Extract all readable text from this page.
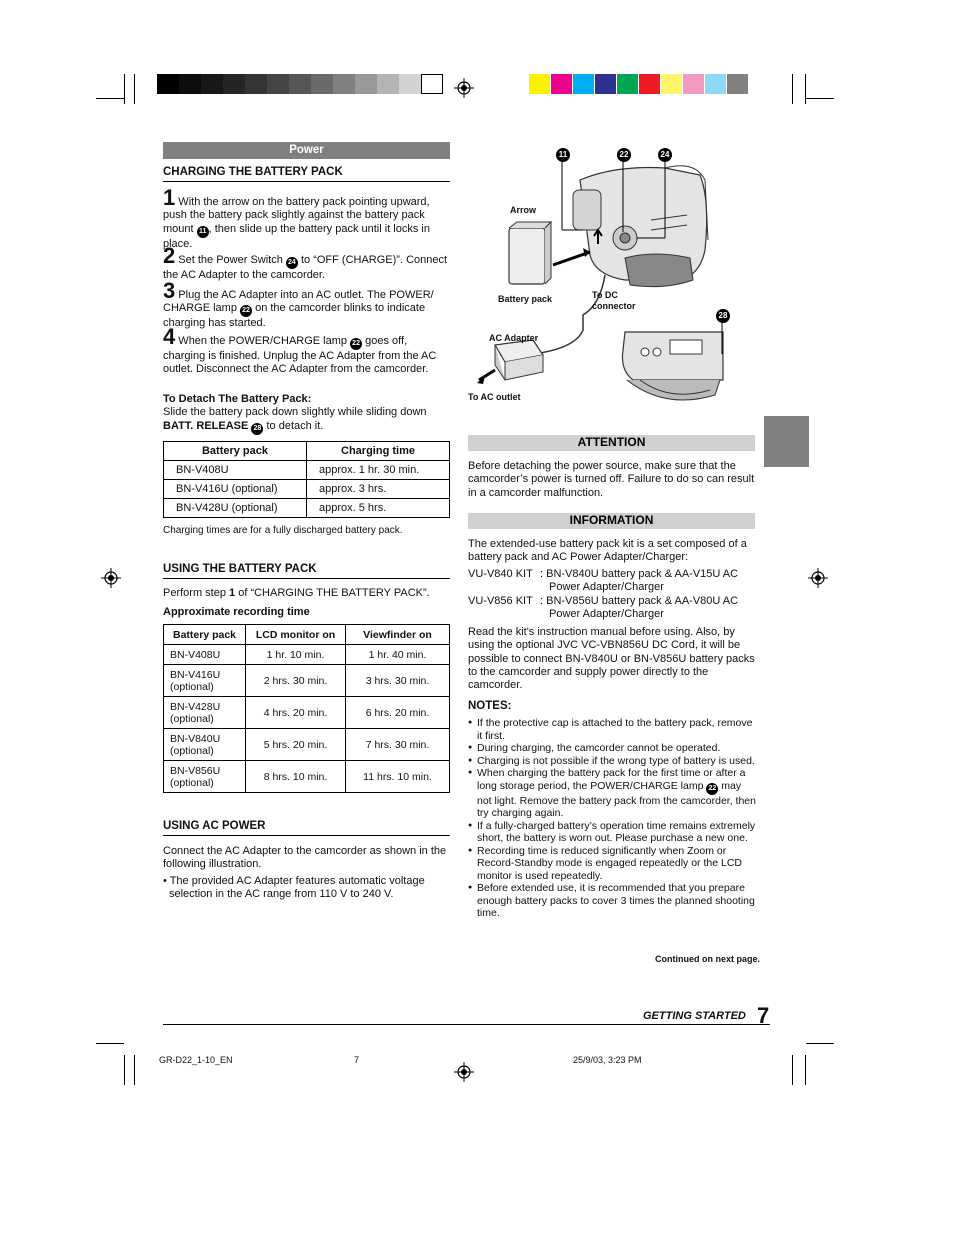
Power
CHARGING THE BATTERY PACK
1 With the arrow on the battery pack pointing upward, push the battery pack slightly against the battery pack mount 11 , then slide up the battery pack until it locks in place.
2 Set the Power Switch 24 to “OFF (CHARGE)”. Connect the AC Adapter to the camcorder.
3 Plug the AC Adapter into an AC outlet. The POWER/ CHARGE lamp 22 on the camcorder blinks to indicate charging has started.
4 When the POWER/CHARGE lamp 22 goes off, charging is finished. Unplug the AC Adapter from the AC outlet. Disconnect the AC Adapter from the camcorder.
To Detach The Battery Pack:
Slide the battery pack down slightly while sliding down BATT. RELEASE 28 to detach it.
Battery pack	Charging time
BN-V408U	approx. 1 hr. 30 min.
BN-V416U (optional)	approx. 3 hrs.
BN-V428U (optional)	approx. 5 hrs.
Charging times are for a fully discharged battery pack.
USING THE BATTERY PACK
Perform step 1 of “CHARGING THE BATTERY PACK”.
Approximate recording time
Battery pack	LCD monitor on	Viewfinder on
BN-V408U	1 hr. 10 min.	1 hr. 40 min.
BN-V416U
(optional)	2 hrs. 30 min.	3 hrs. 30 min.
BN-V428U
(optional)	4 hrs. 20 min.	6 hrs. 20 min.
BN-V840U
(optional)	5 hrs. 20 min.	7 hrs. 30 min.
BN-V856U
(optional)	8 hrs. 10 min.	11 hrs. 10 min.
USING AC POWER
Connect the AC Adapter to the camcorder as shown in the following illustration.
• The provided AC Adapter features automatic voltage selection in the AC range from 110 V to 240 V.
11	22	24
28
Arrow
Battery pack	To DC
connector
AC Adapter
To AC outlet
ATTENTION
Before detaching the power source, make sure that the camcorder’s power is turned off. Failure to do so can result in a camcorder malfunction.
INFORMATION
The extended-use battery pack kit is a set composed of a battery pack and AC Power Adapter/Charger:
VU-V840 KIT : BN-V840U battery pack & AA-V15U AC
Power Adapter/Charger
VU-V856 KIT : BN-V856U battery pack & AA-V80U AC
Power Adapter/Charger
Read the kit's instruction manual before using. Also, by using the optional JVC VC-VBN856U DC Cord, it will be possible to connect BN-V840U or BN-V856U battery packs to the camcorder and supply power directly to the camcorder.
NOTES:
● If the protective cap is attached to the battery pack, remove it first.
● During charging, the camcorder cannot be operated.
● Charging is not possible if the wrong type of battery is used.
● When charging the battery pack for the first time or after a long storage period, the POWER/CHARGE lamp 22 may not light. Remove the battery pack from the camcorder, then try charging again.
● If a fully-charged battery’s operation time remains extremely short, the battery is worn out. Please purchase a new one.
● Recording time is reduced significantly when Zoom or Record-Standby mode is engaged repeatedly or the LCD monitor is used repeatedly.
● Before extended use, it is recommended that you prepare enough battery packs to cover 3 times the planned shooting time.
Continued on next page.
GETTING STARTED 7
GR-D22_1-10_EN	7	25/9/03, 3:23 PM
